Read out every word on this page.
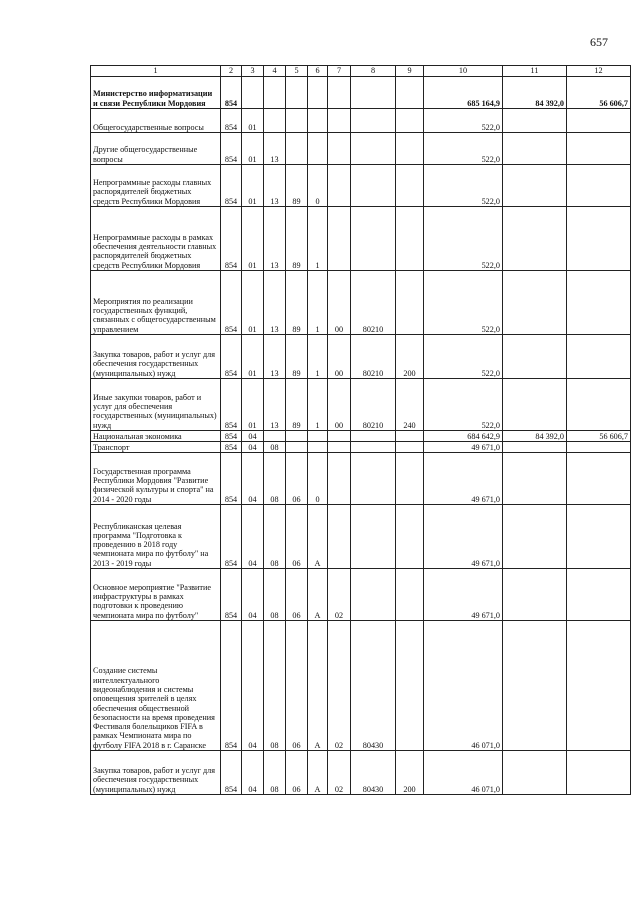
657
1	2	3	4	5	6	7	8	9	10	11	12
Министерство информатизации и связи Республики Мордовия	854								685 164,9	84 392,0	56 606,7
Общегосударственные вопросы	854	01							522,0		
Другие общегосударственные вопросы	854	01	13						522,0		
Непрограммные расходы главных распорядителей бюджетных средств Республики Мордовия	854	01	13	89	0				522,0		
Непрограммные расходы в рамках обеспечения деятельности главных распорядителей бюджетных средств Республики Мордовия	854	01	13	89	1				522,0		
Мероприятия по реализации государственных функций, связанных с общегосударственным управлением	854	01	13	89	1	00	80210		522,0		
Закупка товаров, работ и услуг для обеспечения государственных (муниципальных) нужд	854	01	13	89	1	00	80210	200	522,0		
Иные закупки товаров, работ и услуг для обеспечения государственных (муниципальных) нужд	854	01	13	89	1	00	80210	240	522,0		
Национальная экономика	854	04							684 642,9	84 392,0	56 606,7
Транспорт	854	04	08						49 671,0		
Государственная программа Республики Мордовия "Развитие физической культуры и спорта" на 2014 - 2020 годы	854	04	08	06	0				49 671,0		
Республиканская целевая программа "Подготовка к проведению в 2018 году чемпионата мира по футболу" на 2013 - 2019 годы	854	04	08	06	А				49 671,0		
Основное мероприятие "Развитие инфраструктуры в рамках подготовки к проведению чемпионата мира по футболу"	854	04	08	06	А	02			49 671,0		
Создание системы интеллектуального видеонаблюдения и системы оповещения зрителей в целях обеспечения общественной безопасности на время проведения Фестиваля болельщиков FIFA в рамках Чемпионата мира по футболу FIFA 2018 в г. Саранске	854	04	08	06	А	02	80430		46 071,0		
Закупка товаров, работ и услуг для обеспечения государственных (муниципальных) нужд	854	04	08	06	А	02	80430	200	46 071,0		
